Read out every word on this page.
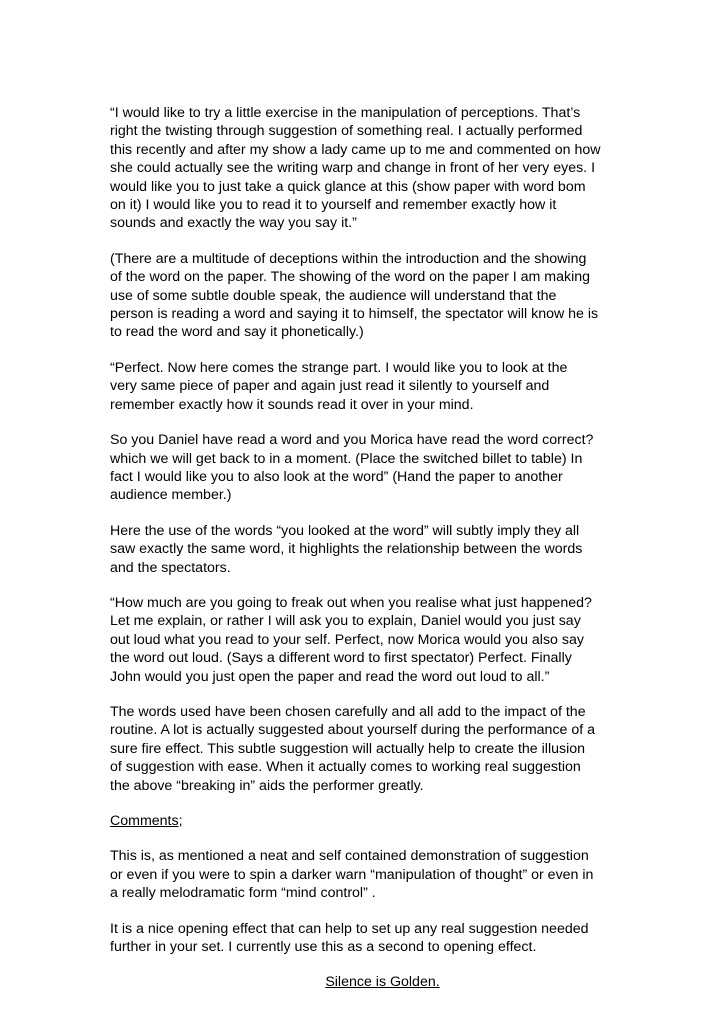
“I would like to try a little exercise in the manipulation of perceptions. That’s
right the twisting through suggestion of something real. I actually performed
this recently and after my show a lady came up to me and commented on how
she could actually see the writing warp and change in front of her very eyes. I
would like you to just take a quick glance at this (show paper with word bom
on it) I would like you to read it to yourself and remember exactly how it
sounds and exactly the way you say it.”

(There are a multitude of deceptions within the introduction and the showing
of the word on the paper. The showing of the word on the paper I am making
use of some subtle double speak, the audience will understand that the
person is reading a word and saying it to himself, the spectator will know he is
to read the word and say it phonetically.)

“Perfect. Now here comes the strange part. I would like you to look at the
very same piece of paper and again just read it silently to yourself and
remember exactly how it sounds read it over in your mind.

So you Daniel have read a word and you Morica have read the word correct?
which we will get back to in a moment. (Place the switched billet to table) In
fact I would like you to also look at the word” (Hand the paper to another
audience member.)

Here the use of the words “you looked at the word” will subtly imply they all
saw exactly the same word, it highlights the relationship between the words
and the spectators.

“How much are you going to freak out when you realise what just happened?
Let me explain, or rather I will ask you to explain, Daniel would you just say
out loud what you read to your self. Perfect, now Morica would you also say
the word out loud. (Says a different word to first spectator) Perfect. Finally
John would you just open the paper and read the word out loud to all.”

The words used have been chosen carefully and all add to the impact of the
routine. A lot is actually suggested about yourself during the performance of a
sure fire effect. This subtle suggestion will actually help to create the illusion
of suggestion with ease. When it actually comes to working real suggestion
the above “breaking in” aids the performer greatly.

Comments;

This is, as mentioned a neat and self contained demonstration of suggestion
or even if you were to spin a darker warn “manipulation of thought” or even in
a really melodramatic form “mind control” .

It is a nice opening effect that can help to set up any real suggestion needed
further in your set. I currently use this as a second to opening effect.

Silence is Golden.
